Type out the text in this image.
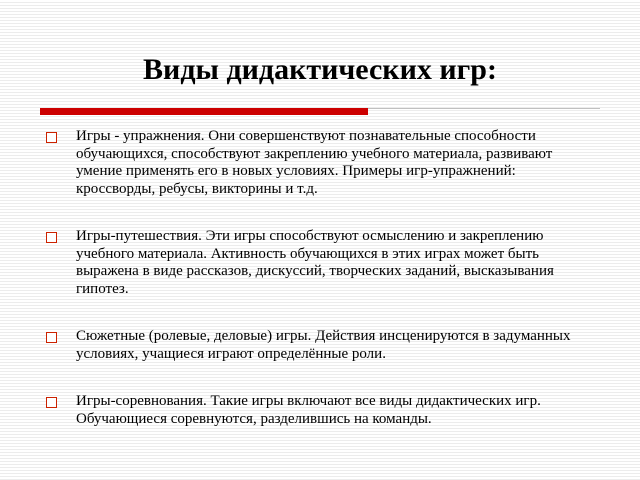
Виды дидактических игр:
Игры - упражнения. Они совершенствуют познавательные способности обучающихся, способствуют закреплению учебного материала, развивают умение применять его в новых условиях. Примеры игр-упражнений: кроссворды, ребусы, викторины и т.д.
Игры-путешествия. Эти игры способствуют осмыслению и закреплению учебного материала. Активность обучающихся в этих играх может быть выражена в виде рассказов, дискуссий, творческих заданий, высказывания гипотез.
Сюжетные (ролевые, деловые) игры. Действия инсценируются в задуманных условиях, учащиеся играют определённые роли.
Игры-соревнования. Такие игры включают все виды дидактических игр. Обучающиеся соревнуются, разделившись на команды.
